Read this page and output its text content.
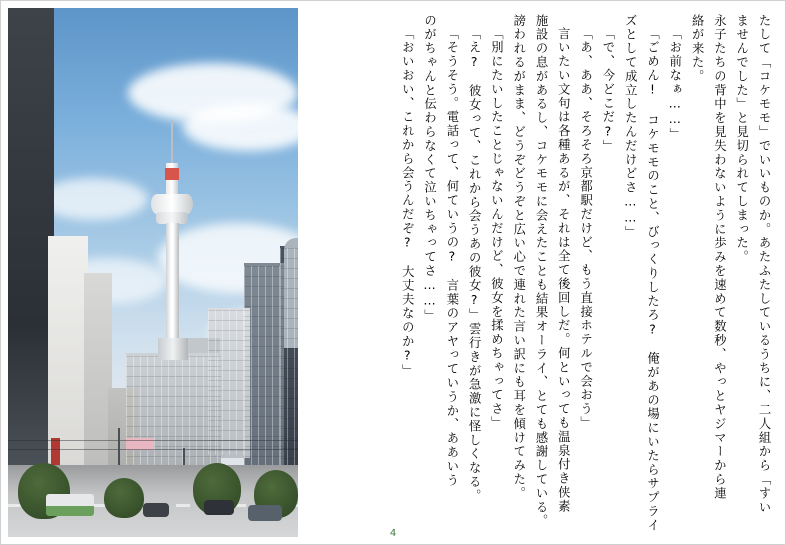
たして「コケモモ」でいいものか。あたふたしているうちに、二人組から「すい
ませんでした」と見切られてしまった。
永子たちの背中を見失わないように歩みを速めて数秒、やっとヤジマーから連
絡が来た。
「お前なぁ……」
「ごめん! コケモモのこと、びっくりしたろ?　俺があの場にいたらサプライ
ズとして成立したんだけどさ……」
「で、今どこだ?」
「あ、ああ、そろそろ京都駅だけど、もう直接ホテルで会おう」
言いたい文句は各種あるが、それは全て後回しだ。何といっても温泉付き侠素
施設の息があるし、コケモモに会えたことも結果オーライ、とても感謝している。
謗われるがまま、どうぞどうぞと広い心で連れた言い訳にも耳を傾けてみた。
「別にたいしたことじゃないんだけど、彼女を揉めちゃってさ」
「え?　彼女って、これから会うあの彼女?」雲行きが急激に怪しくなる。
「そうそう。電話って、何ていうの?　言葉のアヤっていうか、ああいう
のがちゃんと伝わらなくて泣いちゃってさ……」
「おいおい、これから会うんだぞ?　大丈夫なのか?」
4
